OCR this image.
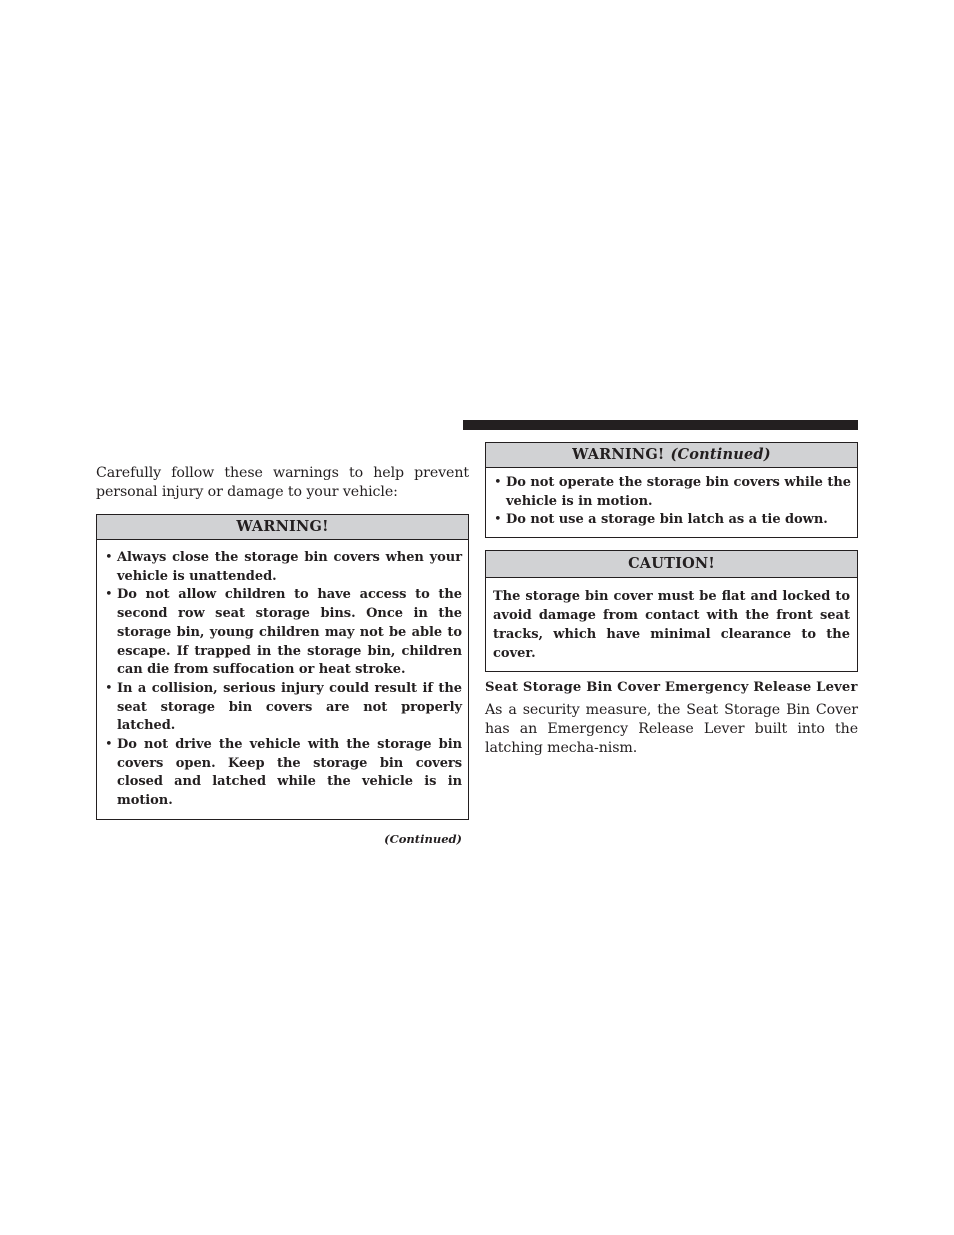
Carefully follow these warnings to help prevent personal injury or damage to your vehicle:

WARNING!
• Always close the storage bin covers when your vehicle is unattended.
• Do not allow children to have access to the second row seat storage bins. Once in the storage bin, young children may not be able to escape. If trapped in the storage bin, children can die from suffocation or heat stroke.
• In a collision, serious injury could result if the seat storage bin covers are not properly latched.
• Do not drive the vehicle with the storage bin covers open. Keep the storage bin covers closed and latched while the vehicle is in motion.
(Continued)
WARNING! (Continued)
• Do not operate the storage bin covers while the vehicle is in motion.
• Do not use a storage bin latch as a tie down.
CAUTION!
The storage bin cover must be flat and locked to avoid damage from contact with the front seat tracks, which have minimal clearance to the cover.
Seat Storage Bin Cover Emergency Release Lever

As a security measure, the Seat Storage Bin Cover has an Emergency Release Lever built into the latching mecha-nism.
